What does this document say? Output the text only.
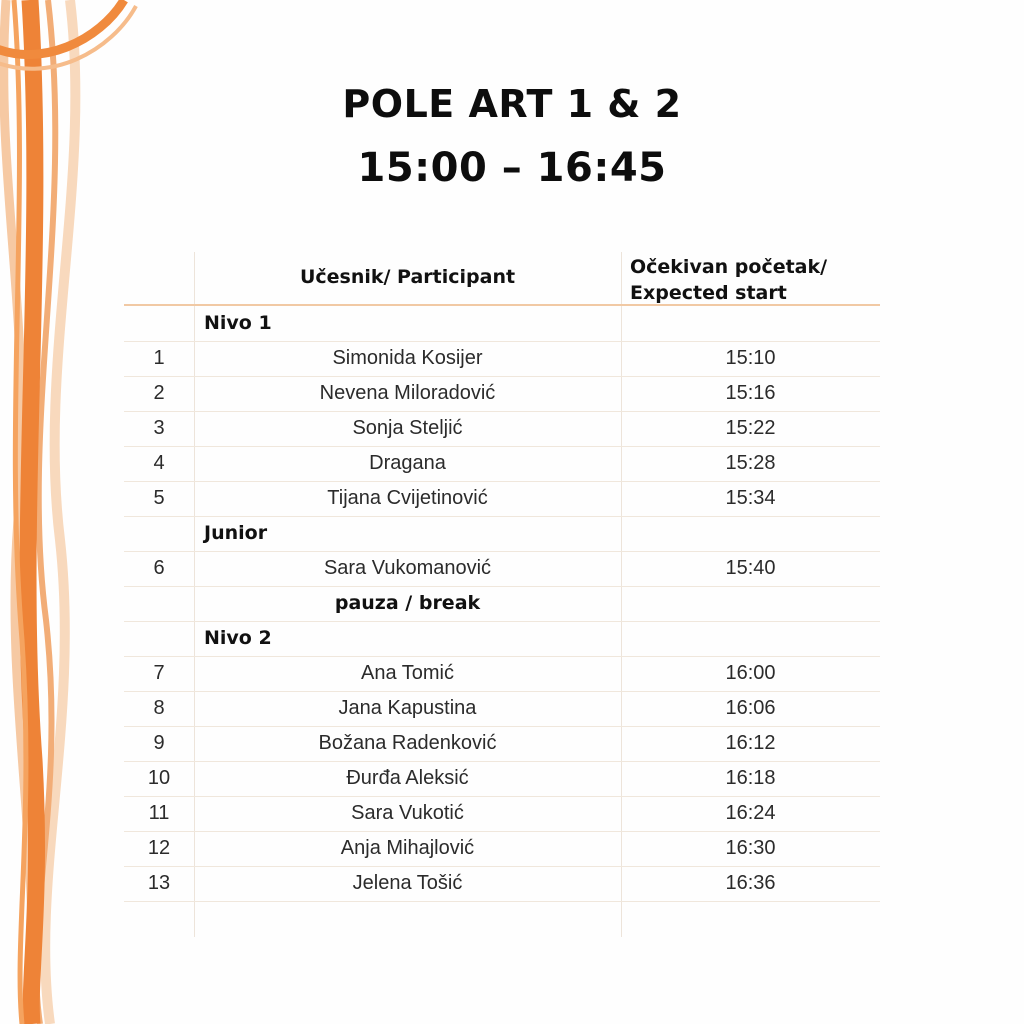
POLE ART 1 & 2
15:00 – 16:45
Učesnik/ Participant	Očekivan početak/
Expected start
Nivo 1
1	Simonida Kosijer	15:10
2	Nevena Miloradović	15:16
3	Sonja Steljić	15:22
4	Dragana	15:28
5	Tijana Cvijetinović	15:34
Junior
6	Sara Vukomanović	15:40
pauza / break
Nivo 2
7	Ana Tomić	16:00
8	Jana Kapustina	16:06
9	Božana Radenković	16:12
10	Đurđa Aleksić	16:18
11	Sara Vukotić	16:24
12	Anja Mihajlović	16:30
13	Jelena Tošić	16:36
